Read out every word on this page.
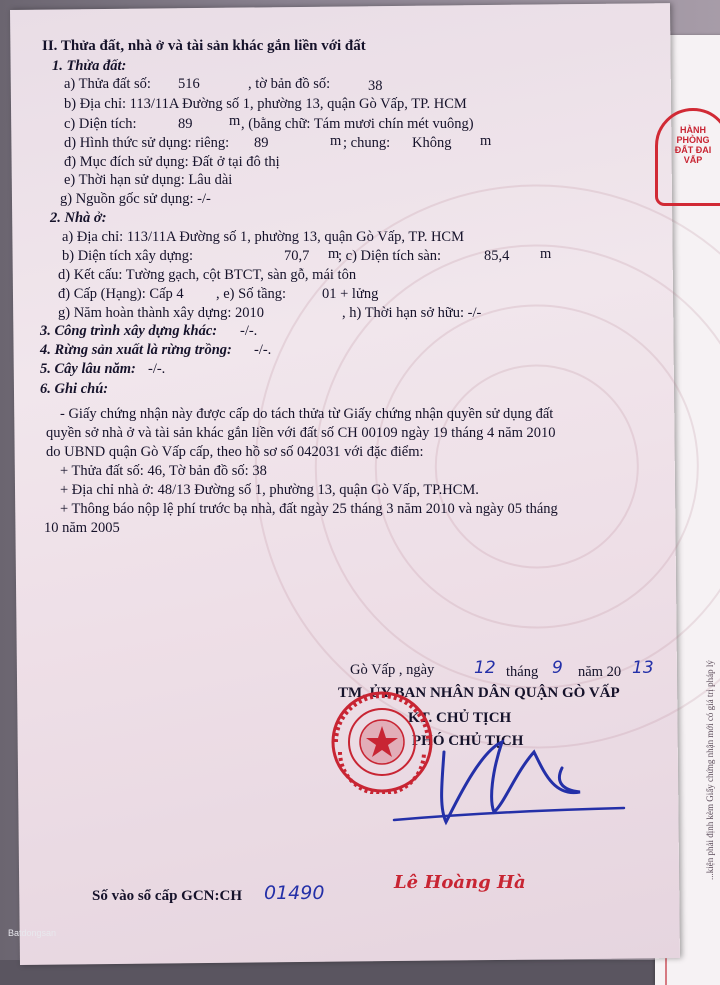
II. Thửa đất, nhà ở và tài sản khác gắn liền với đất
1. Thửa đất:
a) Thửa đất số: 516	, tờ bản đồ số:	38
b) Địa chỉ: 113/11A Đường số 1, phường 13, quận Gò Vấp, TP. HCM
c) Diện tích:	89	m , (bằng chữ: Tám mươi chín mét vuông)
d) Hình thức sử dụng: riêng: 89	m ; chung: Không m
đ) Mục đích sử dụng: Đất ở tại đô thị
e) Thời hạn sử dụng: Lâu dài
g) Nguồn gốc sử dụng: -/-
2. Nhà ở:
a) Địa chỉ: 113/11A Đường số 1, phường 13, quận Gò Vấp, TP. HCM
b) Diện tích xây dựng:	70,7 m
; c) Diện tích sàn:	85,4 m
d) Kết cấu: Tường gạch, cột BTCT, sàn gỗ, mái tôn
đ) Cấp (Hạng): Cấp 4 , e) Số tầng: 01 + lửng
g) Năm hoàn thành xây dựng: 2010	, h) Thời hạn sở hữu: -/-
3. Công trình xây dựng khác: -/-.
4. Rừng sản xuất là rừng trồng: -/-.
5. Cây lâu năm: -/-.
6. Ghi chú:
- Giấy chứng nhận này được cấp do tách thửa từ Giấy chứng nhận quyền sử dụng đất
quyền sở nhà ở và tài sản khác gắn liền với đất số CH 00109 ngày 19 tháng 4 năm 2010
do UBND quận Gò Vấp cấp, theo hồ sơ số 042031 với đặc điểm:
+ Thửa đất số: 46, Tờ bản đồ số: 38
+ Địa chỉ nhà ở: 48/13 Đường số 1, phường 13, quận Gò Vấp, TP.HCM.
+ Thông báo nộp lệ phí trước bạ nhà, đất ngày 25 tháng 3 năm 2010 và ngày 05 tháng
10 năm 2005
Gò Vấp , ngày 12 tháng 9 năm 20 13
TM. ỦY BAN NHÂN DÂN QUẬN GÒ VẤP
KT. CHỦ TỊCH
PHÓ CHỦ TỊCH
Lê Hoàng Hà
Số vào sổ cấp GCN:CH 01490
HÀNH
PHÒNG
ĐẤT ĐAI
VẤP
...kiện phải định kèm Giấy chứng nhận mới có giá trị pháp lý
Batdongsan
